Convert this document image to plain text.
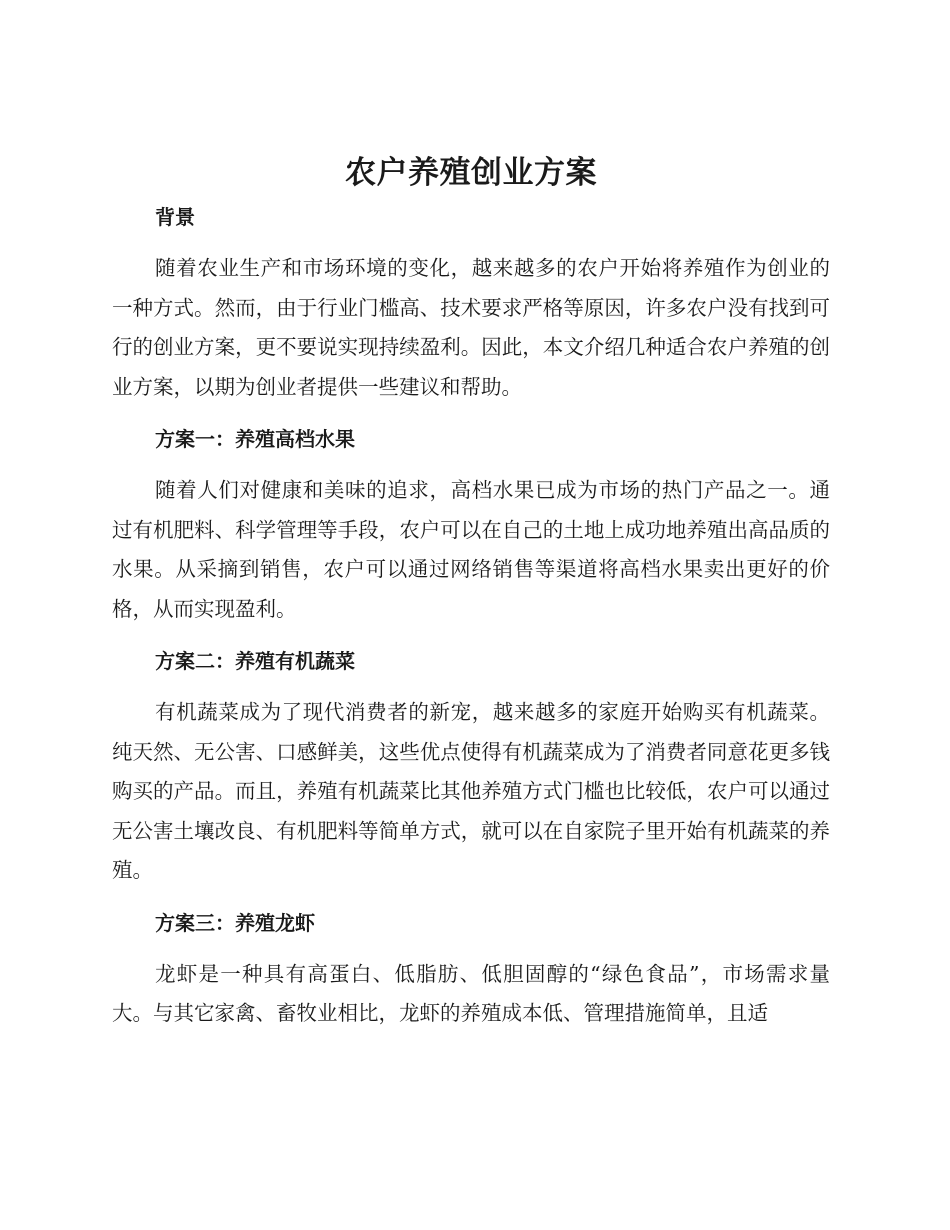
农户养殖创业方案
背景

随着农业生产和市场环境的变化，越来越多的农户开始将养殖作为创业的一种方式。然而，由于行业门槛高、技术要求严格等原因，许多农户没有找到可行的创业方案，更不要说实现持续盈利。因此，本文介绍几种适合农户养殖的创业方案，以期为创业者提供一些建议和帮助。

方案一：养殖高档水果

随着人们对健康和美味的追求，高档水果已成为市场的热门产品之一。通过有机肥料、科学管理等手段，农户可以在自己的土地上成功地养殖出高品质的水果。从采摘到销售，农户可以通过网络销售等渠道将高档水果卖出更好的价格，从而实现盈利。

方案二：养殖有机蔬菜

有机蔬菜成为了现代消费者的新宠，越来越多的家庭开始购买有机蔬菜。纯天然、无公害、口感鲜美，这些优点使得有机蔬菜成为了消费者同意花更多钱购买的产品。而且，养殖有机蔬菜比其他养殖方式门槛也比较低，农户可以通过无公害土壤改良、有机肥料等简单方式，就可以在自家院子里开始有机蔬菜的养殖。

方案三：养殖龙虾

龙虾是一种具有高蛋白、低脂肪、低胆固醇的“绿色食品”，市场需求量大。与其它家禽、畜牧业相比，龙虾的养殖成本低、管理措施简单，且适
